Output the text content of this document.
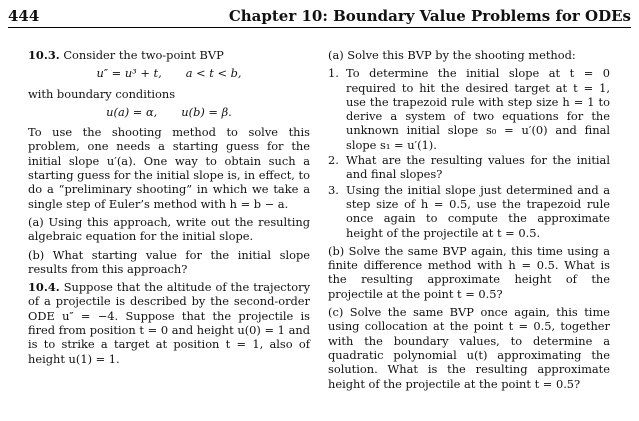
444	Chapter 10: Boundary Value Problems for ODEs

10.3. Consider the two-point BVP

u″ = u³ + t, a < t < b,

with boundary conditions

u(a) = α, u(b) = β.

To use the shooting method to solve this problem, one needs a starting guess for the initial slope u′(a). One way to obtain such a starting guess for the initial slope is, in effect, to do a “preliminary shooting” in which we take a single step of Euler’s method with h = b − a.

(a) Using this approach, write out the resulting algebraic equation for the initial slope.

(b) What starting value for the initial slope results from this approach?

10.4. Suppose that the altitude of the trajectory of a projectile is described by the second-order ODE u″ = −4. Suppose that the projectile is fired from position t = 0 and height u(0) = 1 and is to strike a target at position t = 1, also of height u(1) = 1.

(a) Solve this BVP by the shooting method:

1. To determine the initial slope at t = 0 required to hit the desired target at t = 1, use the trapezoid rule with step size h = 1 to derive a system of two equations for the unknown initial slope s₀ = u′(0) and final slope s₁ = u′(1).
2. What are the resulting values for the initial and final slopes?
3. Using the initial slope just determined and a step size of h = 0.5, use the trapezoid rule once again to compute the approximate height of the projectile at t = 0.5.

(b) Solve the same BVP again, this time using a finite difference method with h = 0.5. What is the resulting approximate height of the projectile at the point t = 0.5?

(c) Solve the same BVP once again, this time using collocation at the point t = 0.5, together with the boundary values, to determine a quadratic polynomial u(t) approximating the solution. What is the resulting approximate height of the projectile at the point t = 0.5?
